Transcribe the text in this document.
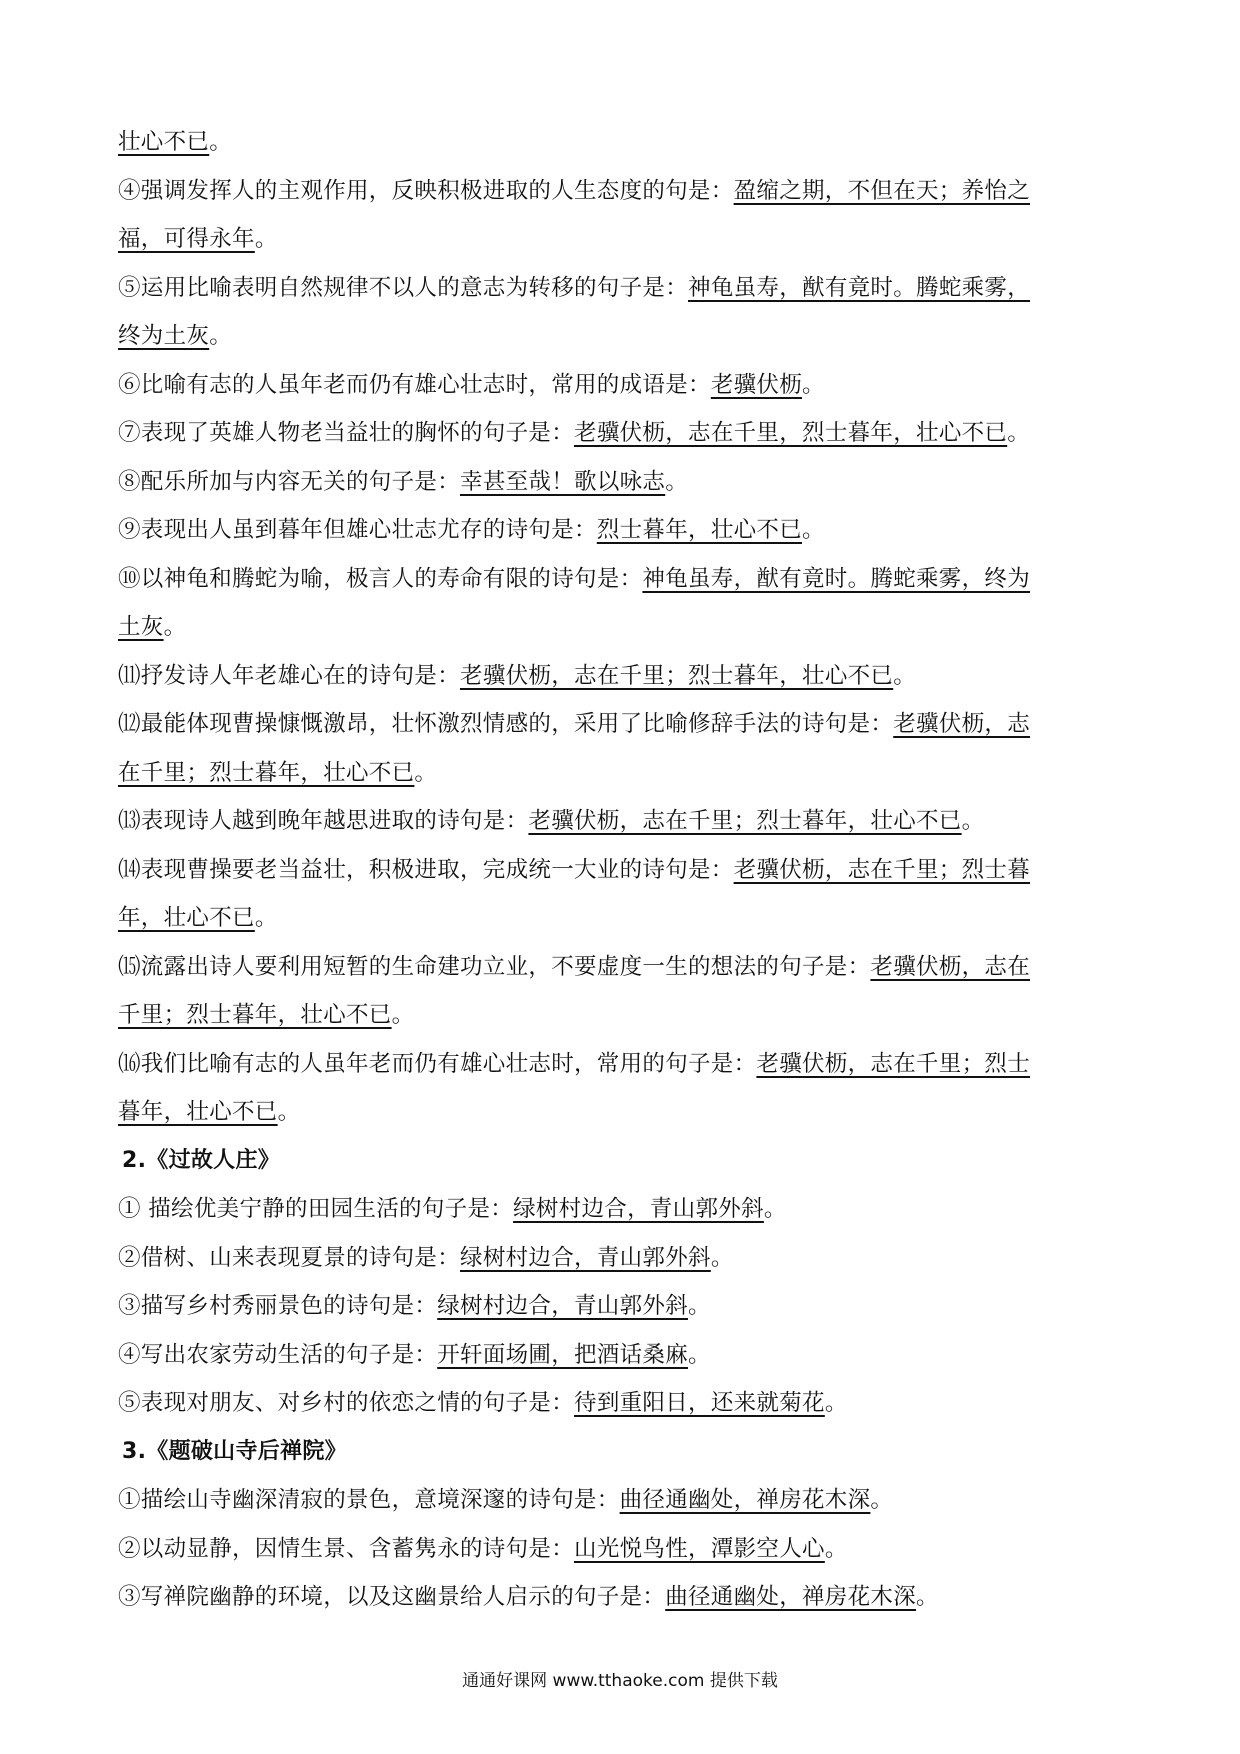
壮心不已。
④强调发挥人的主观作用，反映积极进取的人生态度的句是：盈缩之期，不但在天；养怡之
福，可得永年。
⑤运用比喻表明自然规律不以人的意志为转移的句子是：神龟虽寿，猷有竟时。腾蛇乘雾，
终为土灰。
⑥比喻有志的人虽年老而仍有雄心壮志时，常用的成语是：老骥伏枥。
⑦表现了英雄人物老当益壮的胸怀的句子是：老骥伏枥，志在千里，烈士暮年，壮心不已。
⑧配乐所加与内容无关的句子是：幸甚至哉！歌以咏志。
⑨表现出人虽到暮年但雄心壮志尤存的诗句是：烈士暮年，壮心不已。
⑩以神龟和腾蛇为喻，极言人的寿命有限的诗句是：神龟虽寿，猷有竟时。腾蛇乘雾，终为
土灰。
⑾抒发诗人年老雄心在的诗句是：老骥伏枥，志在千里；烈士暮年，壮心不已。
⑿最能体现曹操慷慨激昂，壮怀激烈情感的，采用了比喻修辞手法的诗句是：老骥伏枥，志
在千里；烈士暮年，壮心不已。
⒀表现诗人越到晚年越思进取的诗句是：老骥伏枥，志在千里；烈士暮年，壮心不已。
⒁表现曹操要老当益壮，积极进取，完成统一大业的诗句是：老骥伏枥，志在千里；烈士暮
年，壮心不已。
⒂流露出诗人要利用短暂的生命建功立业，不要虚度一生的想法的句子是：老骥伏枥，志在
千里；烈士暮年，壮心不已。
⒃我们比喻有志的人虽年老而仍有雄心壮志时，常用的句子是：老骥伏枥，志在千里；烈士
暮年，壮心不已。
2.《过故人庄》
① 描绘优美宁静的田园生活的句子是：绿树村边合，青山郭外斜。
②借树、山来表现夏景的诗句是：绿树村边合，青山郭外斜。
③描写乡村秀丽景色的诗句是：绿树村边合，青山郭外斜。
④写出农家劳动生活的句子是：开轩面场圃，把酒话桑麻。
⑤表现对朋友、对乡村的依恋之情的句子是：待到重阳日，还来就菊花。
3.《题破山寺后禅院》
①描绘山寺幽深清寂的景色，意境深邃的诗句是：曲径通幽处，禅房花木深。
②以动显静，因情生景、含蓄隽永的诗句是：山光悦鸟性，潭影空人心。
③写禅院幽静的环境，以及这幽景给人启示的句子是：曲径通幽处，禅房花木深。
通通好课网 www.tthaoke.com 提供下载
